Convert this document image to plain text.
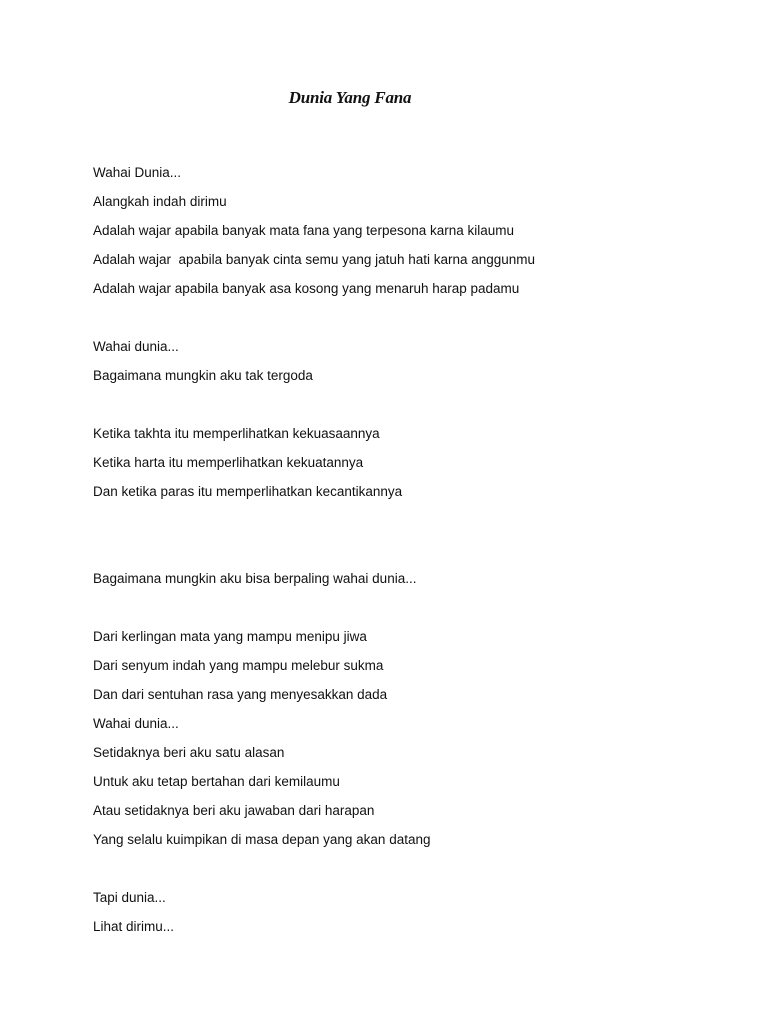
Dunia Yang Fana
Wahai Dunia...
Alangkah indah dirimu
Adalah wajar apabila banyak mata fana yang terpesona karna kilaumu
Adalah wajar  apabila banyak cinta semu yang jatuh hati karna anggunmu
Adalah wajar apabila banyak asa kosong yang menaruh harap padamu
Wahai dunia...
Bagaimana mungkin aku tak tergoda
Ketika takhta itu memperlihatkan kekuasaannya
Ketika harta itu memperlihatkan kekuatannya
Dan ketika paras itu memperlihatkan kecantikannya
Bagaimana mungkin aku bisa berpaling wahai dunia...
Dari kerlingan mata yang mampu menipu jiwa
Dari senyum indah yang mampu melebur sukma
Dan dari sentuhan rasa yang menyesakkan dada
Wahai dunia...
Setidaknya beri aku satu alasan
Untuk aku tetap bertahan dari kemilaumu
Atau setidaknya beri aku jawaban dari harapan
Yang selalu kuimpikan di masa depan yang akan datang
Tapi dunia...
Lihat dirimu...
